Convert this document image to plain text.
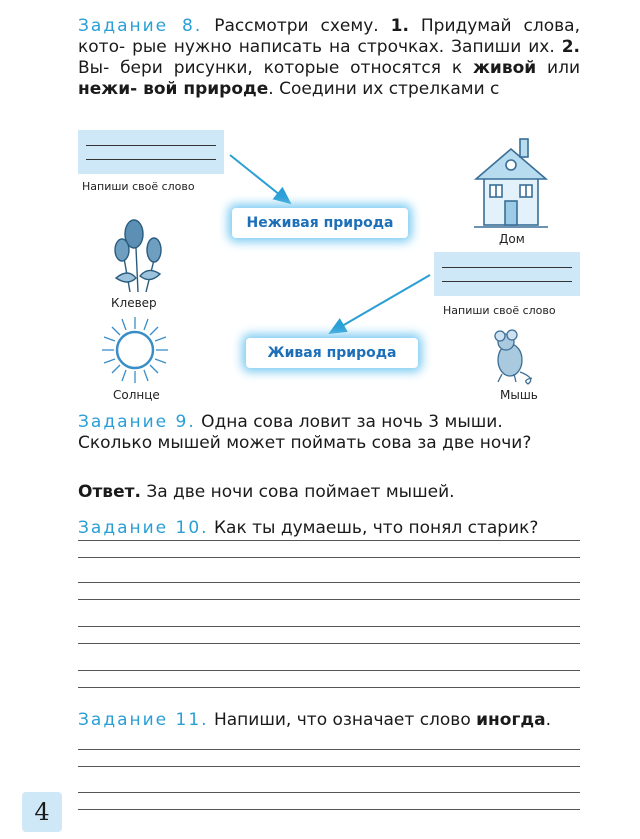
Задание 8. Рассмотри схему. 1. Придумай слова, кото- рые нужно написать на строчках. Запиши их. 2. Вы- бери рисунки, которые относятся к живой или нежи- вой природе. Соедини их стрелками с
Напиши своё слово
Напиши своё слово
Неживая природа
Живая природа
Дом
Клевер
Солнце	Мышь
Задание 9. Одна сова ловит за ночь 3 мыши. Сколько мышей может поймать сова за две ночи?
Ответ. За две ночи сова поймает мышей.
Задание 10. Как ты думаешь, что понял старик?
Задание 11. Напиши, что означает слово иногда.
4
